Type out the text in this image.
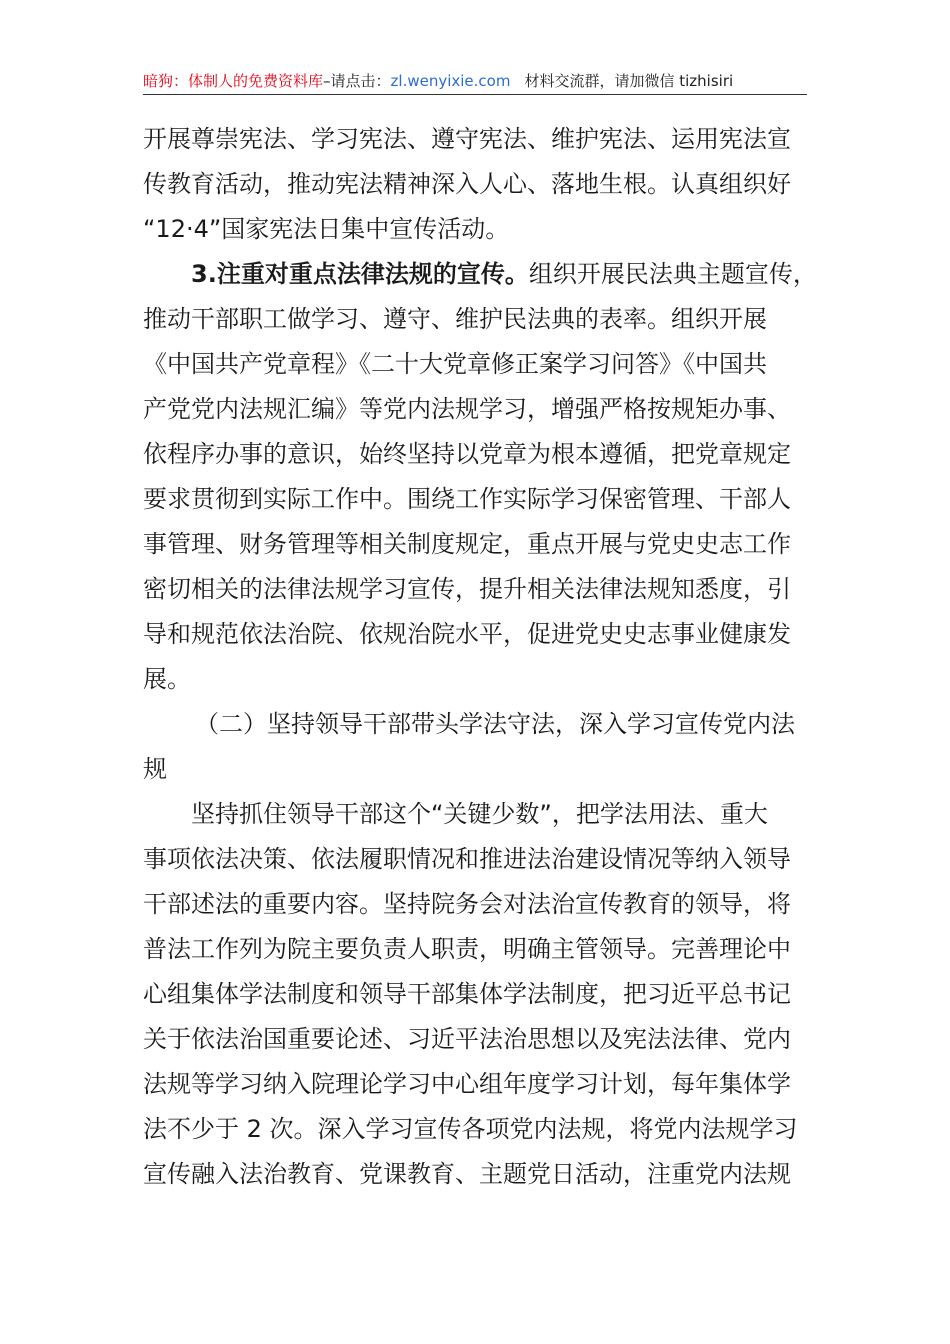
暗狗：体制人的免费资料库–请点击：zl.wenyixie.com 材料交流群，请加微信 tizhisiri

开展尊崇宪法、学习宪法、遵守宪法、维护宪法、运用宪法宣
传教育活动，推动宪法精神深入人心、落地生根。认真组织好
“12·4”国家宪法日集中宣传活动。

3.注重对重点法律法规的宣传。组织开展民法典主题宣传，
推动干部职工做学习、遵守、维护民法典的表率。组织开展
《中国共产党章程》《二十大党章修正案学习问答》《中国共
产党党内法规汇编》等党内法规学习，增强严格按规矩办事、
依程序办事的意识，始终坚持以党章为根本遵循，把党章规定
要求贯彻到实际工作中。围绕工作实际学习保密管理、干部人
事管理、财务管理等相关制度规定，重点开展与党史史志工作
密切相关的法律法规学习宣传，提升相关法律法规知悉度，引
导和规范依法治院、依规治院水平，促进党史史志事业健康发
展。

（二）坚持领导干部带头学法守法，深入学习宣传党内法
规

坚持抓住领导干部这个“关键少数”，把学法用法、重大
事项依法决策、依法履职情况和推进法治建设情况等纳入领导
干部述法的重要内容。坚持院务会对法治宣传教育的领导，将
普法工作列为院主要负责人职责，明确主管领导。完善理论中
心组集体学法制度和领导干部集体学法制度，把习近平总书记
关于依法治国重要论述、习近平法治思想以及宪法法律、党内
法规等学习纳入院理论学习中心组年度学习计划，每年集体学
法不少于 2 次。深入学习宣传各项党内法规，将党内法规学习
宣传融入法治教育、党课教育、主题党日活动，注重党内法规
